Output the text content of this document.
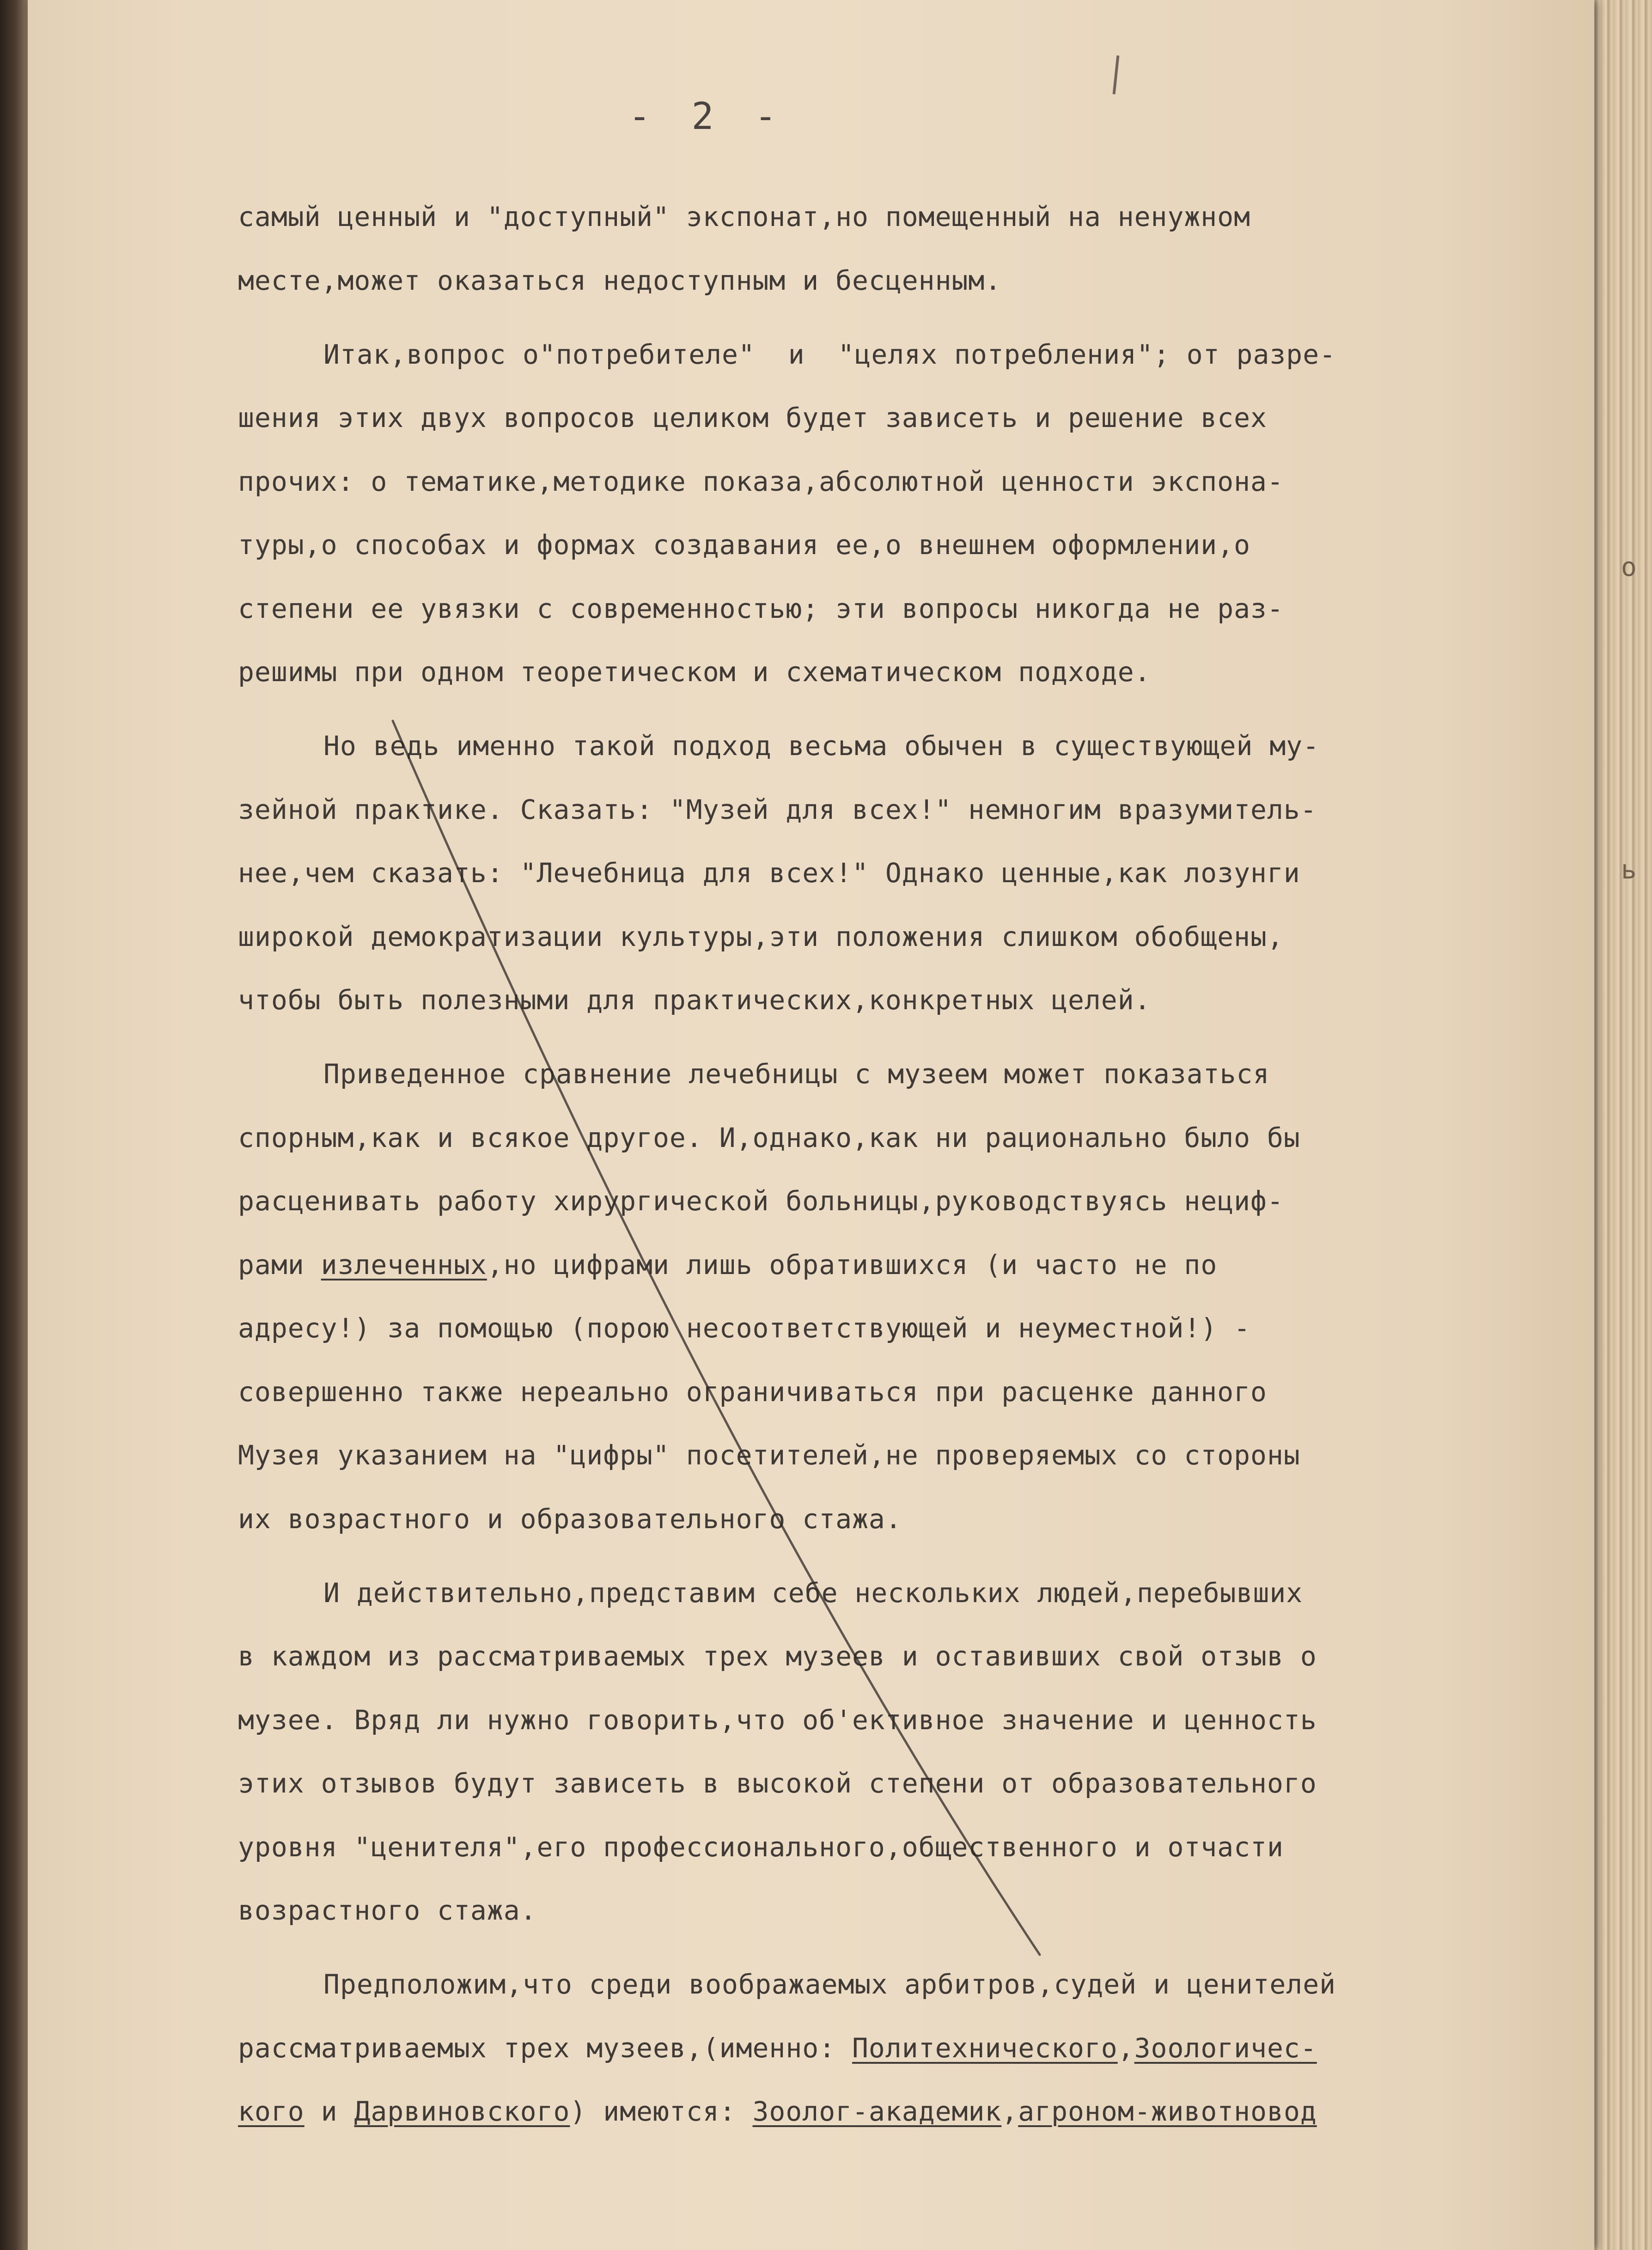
о
ь
- 2 -
самый ценный и "доступный" экспонат,но помещенный на ненужном
месте,может оказаться недоступным и бесценным.
Итак,вопрос о"потребителе"  и  "целях потребления"; от разре-
шения этих двух вопросов целиком будет зависеть и решение всех
прочих: о тематике,методике показа,абсолютной ценности экспона-
туры,о способах и формах создавания ее,о внешнем оформлении,о
степени ее увязки с современностью; эти вопросы никогда не раз-
решимы при одном теоретическом и схематическом подходе.
Но ведь именно такой подход весьма обычен в существующей му-
зейной практике. Сказать: "Музей для всех!" немногим вразумитель-
нее,чем сказать: "Лечебница для всех!" Однако ценные,как лозунги
широкой демократизации культуры,эти положения слишком обобщены,
чтобы быть полезными для практических,конкретных целей.
Приведенное сравнение лечебницы с музеем может показаться
спорным,как и всякое другое. И,однако,как ни рационально было бы
расценивать работу хирургической больницы,руководствуясь нециф-
рами излеченных,но цифрами лишь обратившихся (и часто не по
адресу!) за помощью (порою несоответствующей и неуместной!) -
совершенно также нереально ограничиваться при расценке данного
Музея указанием на "цифры" посетителей,не проверяемых со стороны
их возрастного и образовательного стажа.
И действительно,представим себе нескольких людей,перебывших
в каждом из рассматриваемых трех музеев и оставивших свой отзыв о
музее. Вряд ли нужно говорить,что об'ективное значение и ценность
этих отзывов будут зависеть в высокой степени от образовательного
уровня "ценителя",его профессионального,общественного и отчасти
возрастного стажа.
Предположим,что среди воображаемых арбитров,судей и ценителей
рассматриваемых трех музеев,(именно: Политехнического,Зоологичес-
кого и Дарвиновского) имеются: Зоолог-академик,агроном-животновод
